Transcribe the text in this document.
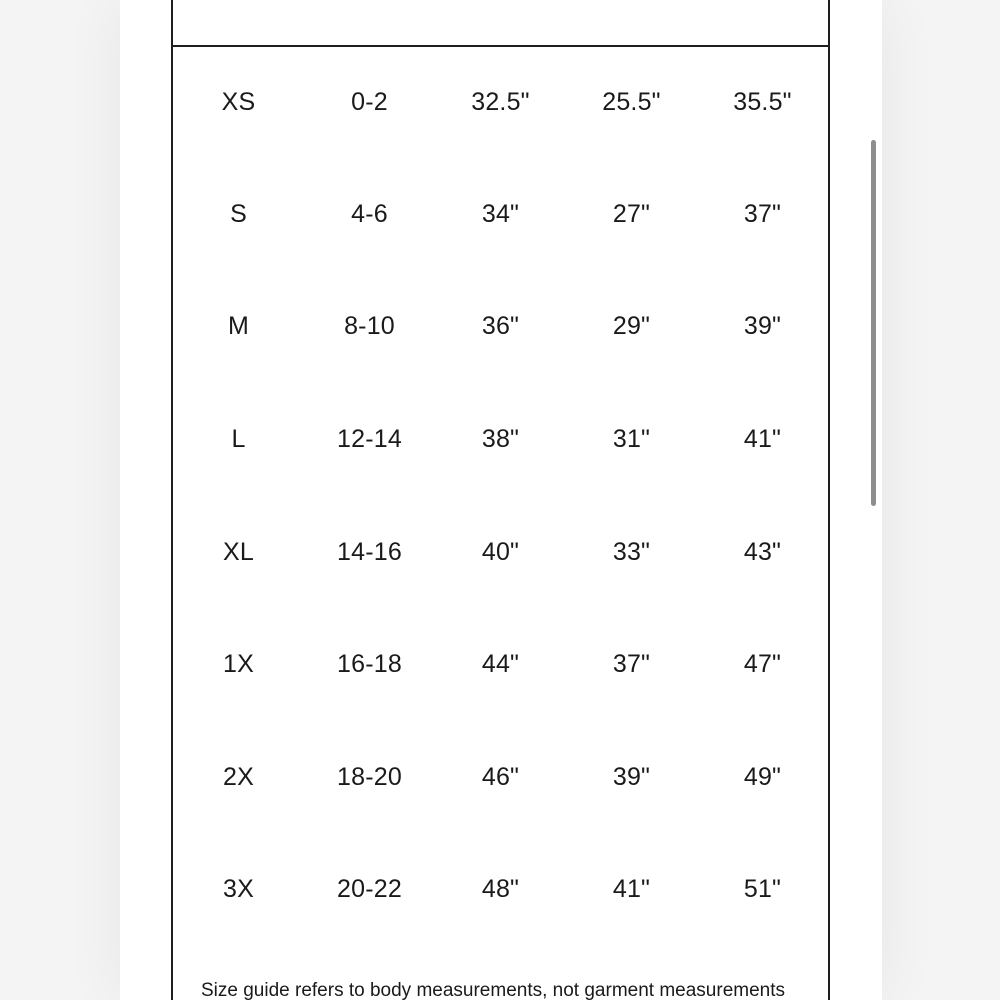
XS	0-2	32.5"	25.5"	35.5"
S	4-6	34"	27"	37"
M	8-10	36"	29"	39"
L	12-14	38"	31"	41"
XL	14-16	40"	33"	43"
1X	16-18	44"	37"	47"
2X	18-20	46"	39"	49"
3X	20-22	48"	41"	51"
Size guide refers to body measurements, not garment measurements
